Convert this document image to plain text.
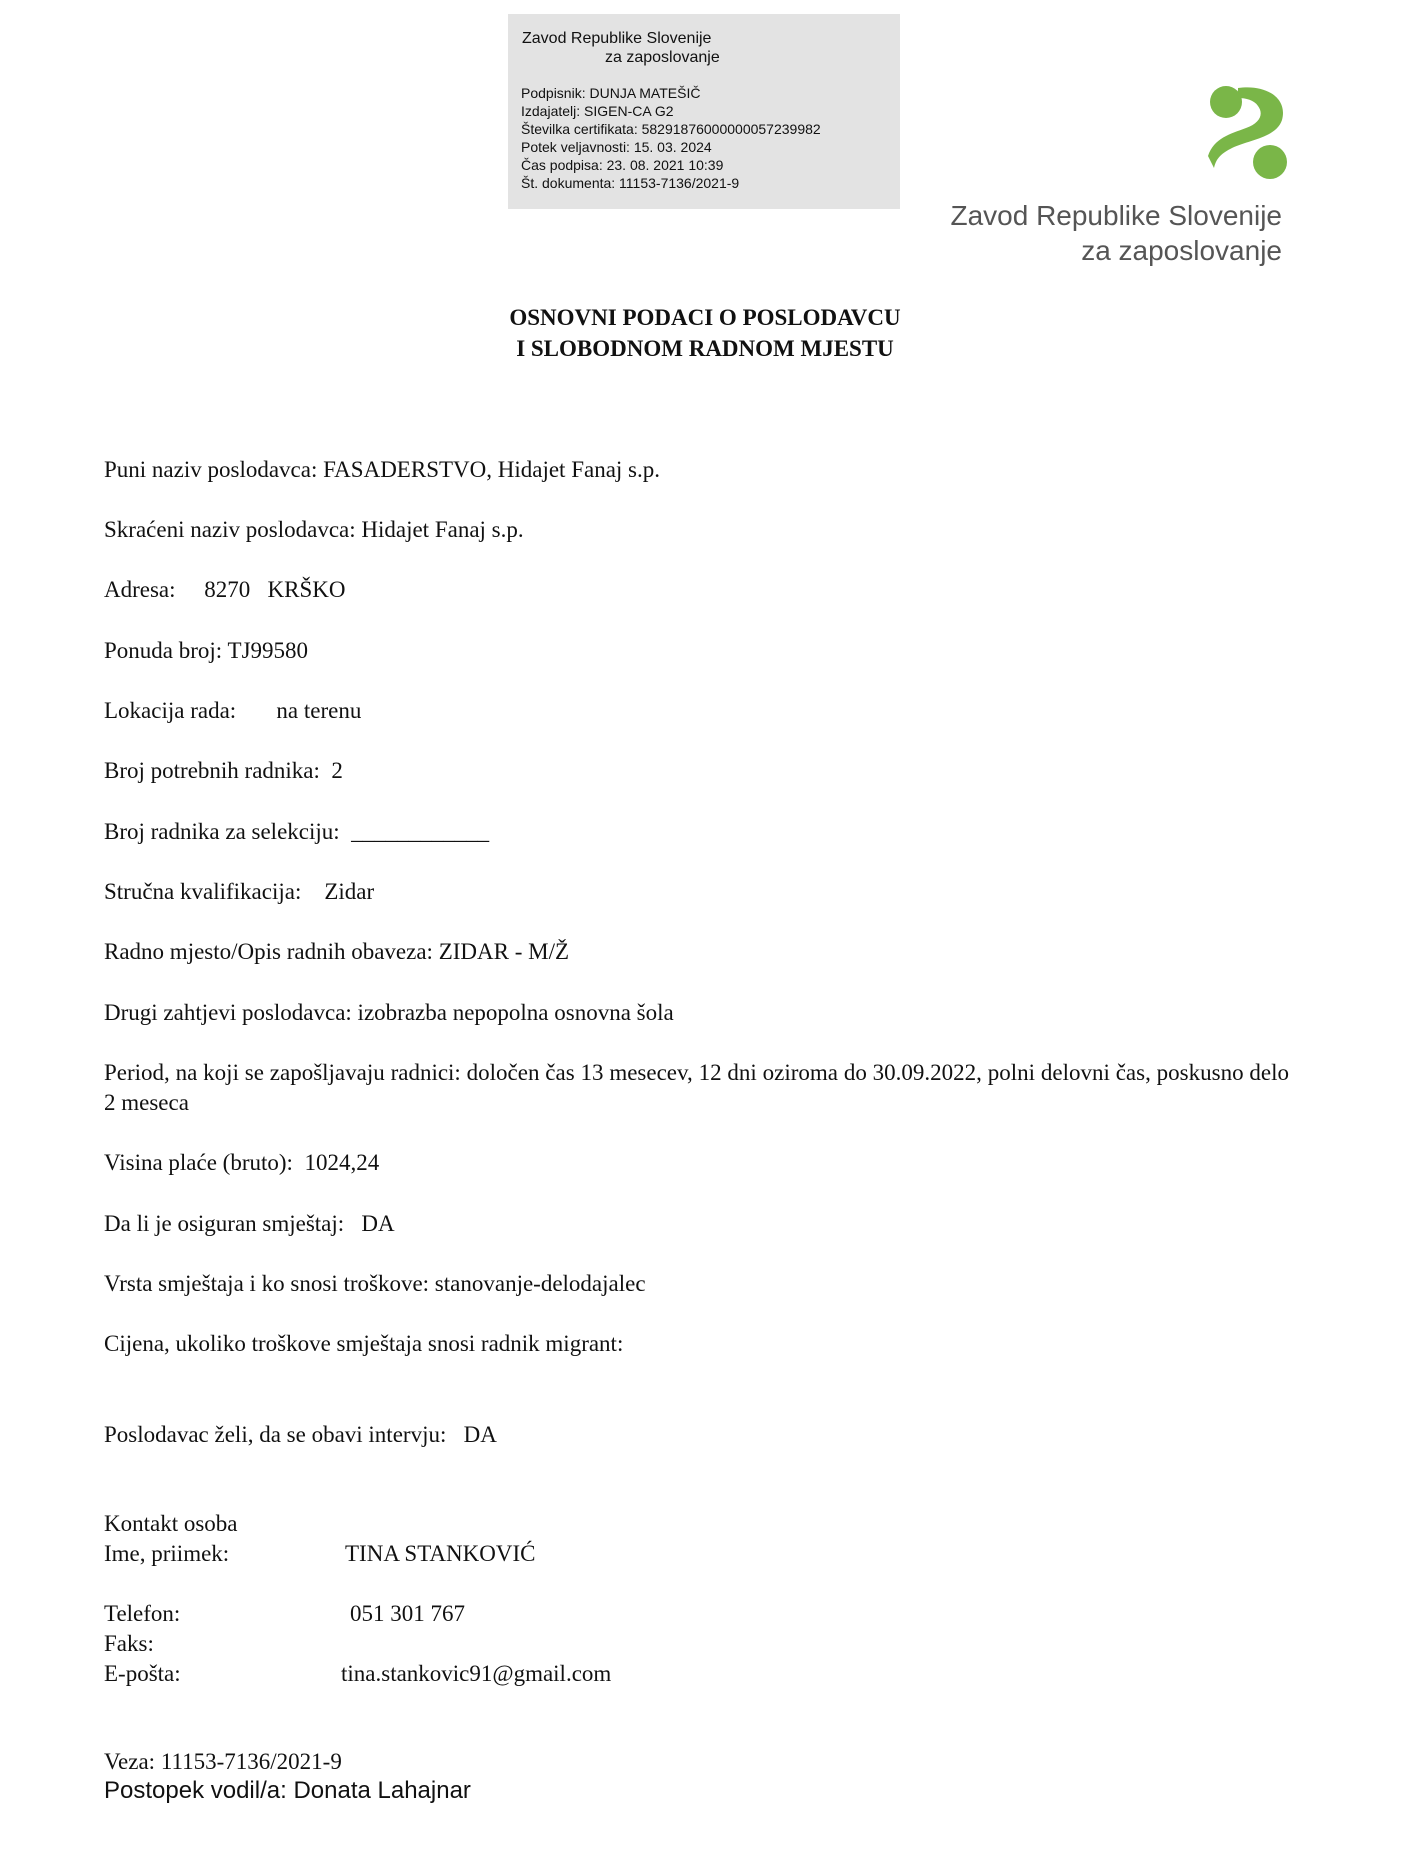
Zavod Republike Slovenije
za zaposlovanje
Podpisnik: DUNJA MATEŠIČ
Izdajatelj: SIGEN-CA G2
Številka certifikata: 58291876000000057239982
Potek veljavnosti: 15. 03. 2024
Čas podpisa: 23. 08. 2021 10:39
Št. dokumenta: 11153-7136/2021-9
Zavod Republike Slovenije
za zaposlovanje
OSNOVNI PODACI O POSLODAVCU
I SLOBODNOM RADNOM MJESTU
Puni naziv poslodavca: FASADERSTVO, Hidajet Fanaj s.p.
Skraćeni naziv poslodavca: Hidajet Fanaj s.p.
Adresa:     8270   KRŠKO
Ponuda broj: TJ99580
Lokacija rada:       na terenu
Broj potrebnih radnika:  2
Broj radnika za selekciju:  ____________
Stručna kvalifikacija:    Zidar
Radno mjesto/Opis radnih obaveza: ZIDAR - M/Ž
Drugi zahtjevi poslodavca: izobrazba nepopolna osnovna šola
Period, na koji se zapošljavaju radnici: določen čas 13 mesecev, 12 dni oziroma do 30.09.2022, polni delovni čas, poskusno delo 2 meseca
Visina plaće (bruto):  1024,24
Da li je osiguran smještaj:   DA
Vrsta smještaja i ko snosi troškove: stanovanje-delodajalec
Cijena, ukoliko troškove smještaja snosi radnik migrant:
Poslodavac želi, da se obavi intervju:   DA
Kontakt osoba
Ime, priimek:	TINA STANKOVIĆ
Telefon:	051 301 767
Faks:
E-pošta:	tina.stankovic91@gmail.com
Veza: 11153-7136/2021-9
Postopek vodil/a: Donata Lahajnar
